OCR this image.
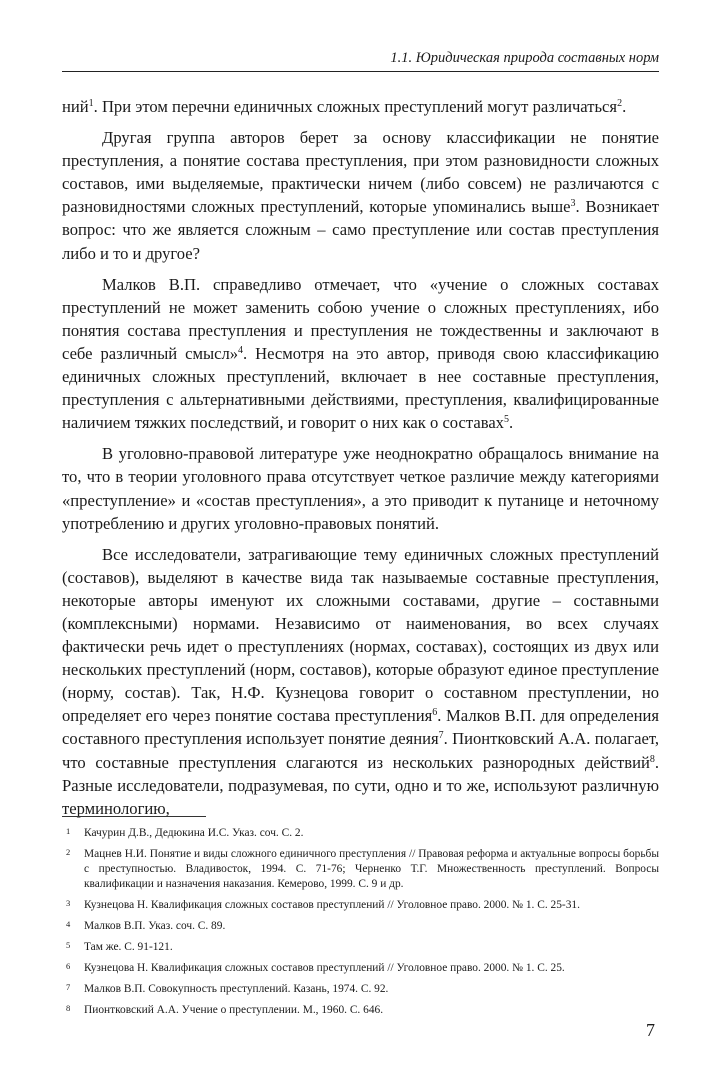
1.1. Юридическая природа составных норм

ний$^1$. При этом перечни единичных сложных преступлений могут различаться$^2$.

Другая группа авторов берет за основу классификации не понятие преступления, а понятие состава преступления, при этом разновидности сложных составов, ими выделяемые, практически ничем (либо совсем) не различаются с разновидностями сложных преступлений, которые упоминались выше$^3$. Возникает вопрос: что же является сложным – само преступление или состав преступления либо и то и другое?

Малков В.П. справедливо отмечает, что «учение о сложных составах преступлений не может заменить собою учение о сложных преступлениях, ибо понятия состава преступления и преступления не тождественны и заключают в себе различный смысл»$^4$. Несмотря на это автор, приводя свою классификацию единичных сложных преступлений, включает в нее составные преступления, преступления с альтернативными действиями, преступления, квалифицированные наличием тяжких последствий, и говорит о них как о составах$^5$.

В уголовно-правовой литературе уже неоднократно обращалось внимание на то, что в теории уголовного права отсутствует четкое различие между категориями «преступление» и «состав преступления», а это приводит к путанице и неточному употреблению и других уголовно-правовых понятий.

Все исследователи, затрагивающие тему единичных сложных преступлений (составов), выделяют в качестве вида так называемые составные преступления, некоторые авторы именуют их сложными составами, другие – составными (комплексными) нормами. Независимо от наименования, во всех случаях фактически речь идет о преступлениях (нормах, составах), состоящих из двух или нескольких преступлений (норм, составов), которые образуют единое преступление (норму, состав). Так, Н.Ф. Кузнецова говорит о составном преступлении, но определяет его через понятие состава преступления$^6$. Малков В.П. для определения составного преступления использует понятие деяния$^7$. Пионтковский А.А. полагает, что составные преступления слагаются из нескольких разнородных действий$^8$. Разные исследователи, подразумевая, по сути, одно и то же, используют различную терминологию,

1 Качурин Д.В., Дедюкина И.С. Указ. соч. С. 2.
2 Мацнев Н.И. Понятие и виды сложного единичного преступления // Правовая реформа и актуальные вопросы борьбы с преступностью. Владивосток, 1994. С. 71-76; Черненко Т.Г. Множественность преступлений. Вопросы квалификации и назначения наказания. Кемерово, 1999. С. 9 и др.
3 Кузнецова Н. Квалификация сложных составов преступлений // Уголовное право. 2000. № 1. С. 25-31.
4 Малков В.П. Указ. соч. С. 89.
5 Там же. С. 91-121.
6 Кузнецова Н. Квалификация сложных составов преступлений // Уголовное право. 2000. № 1. С. 25.
7 Малков В.П. Совокупность преступлений. Казань, 1974. С. 92.
8 Пионтковский А.А. Учение о преступлении. М., 1960. С. 646.
7
